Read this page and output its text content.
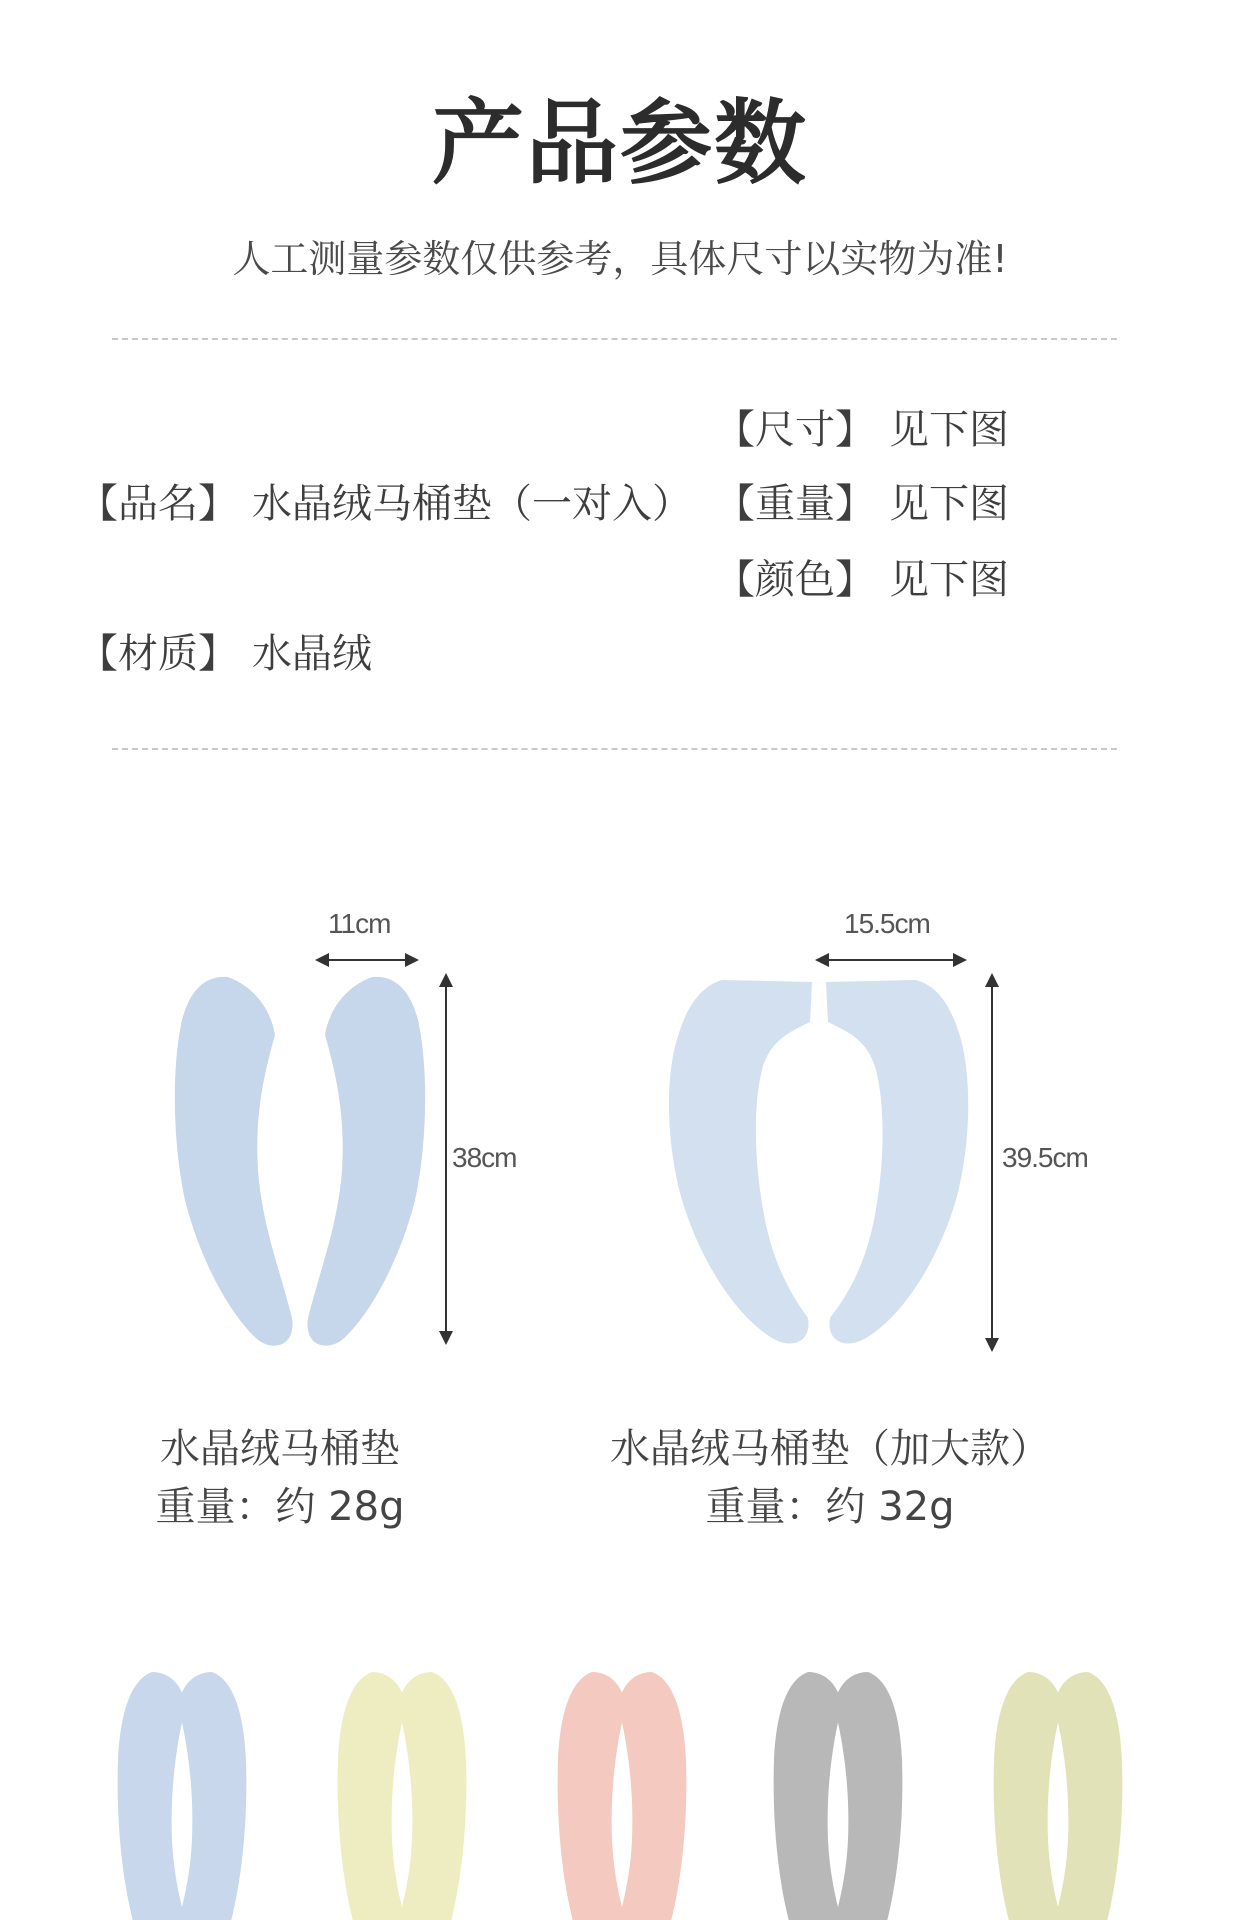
产品参数
人工测量参数仅供参考，具体尺寸以实物为准!
【品名】 水晶绒马桶垫（一对入）
【材质】 水晶绒
【尺寸】 见下图
【重量】 见下图
【颜色】 见下图
11cm
38cm
15.5cm
39.5cm
水晶绒马桶垫
重量：约 28g
水晶绒马桶垫（加大款）
重量：约 32g
